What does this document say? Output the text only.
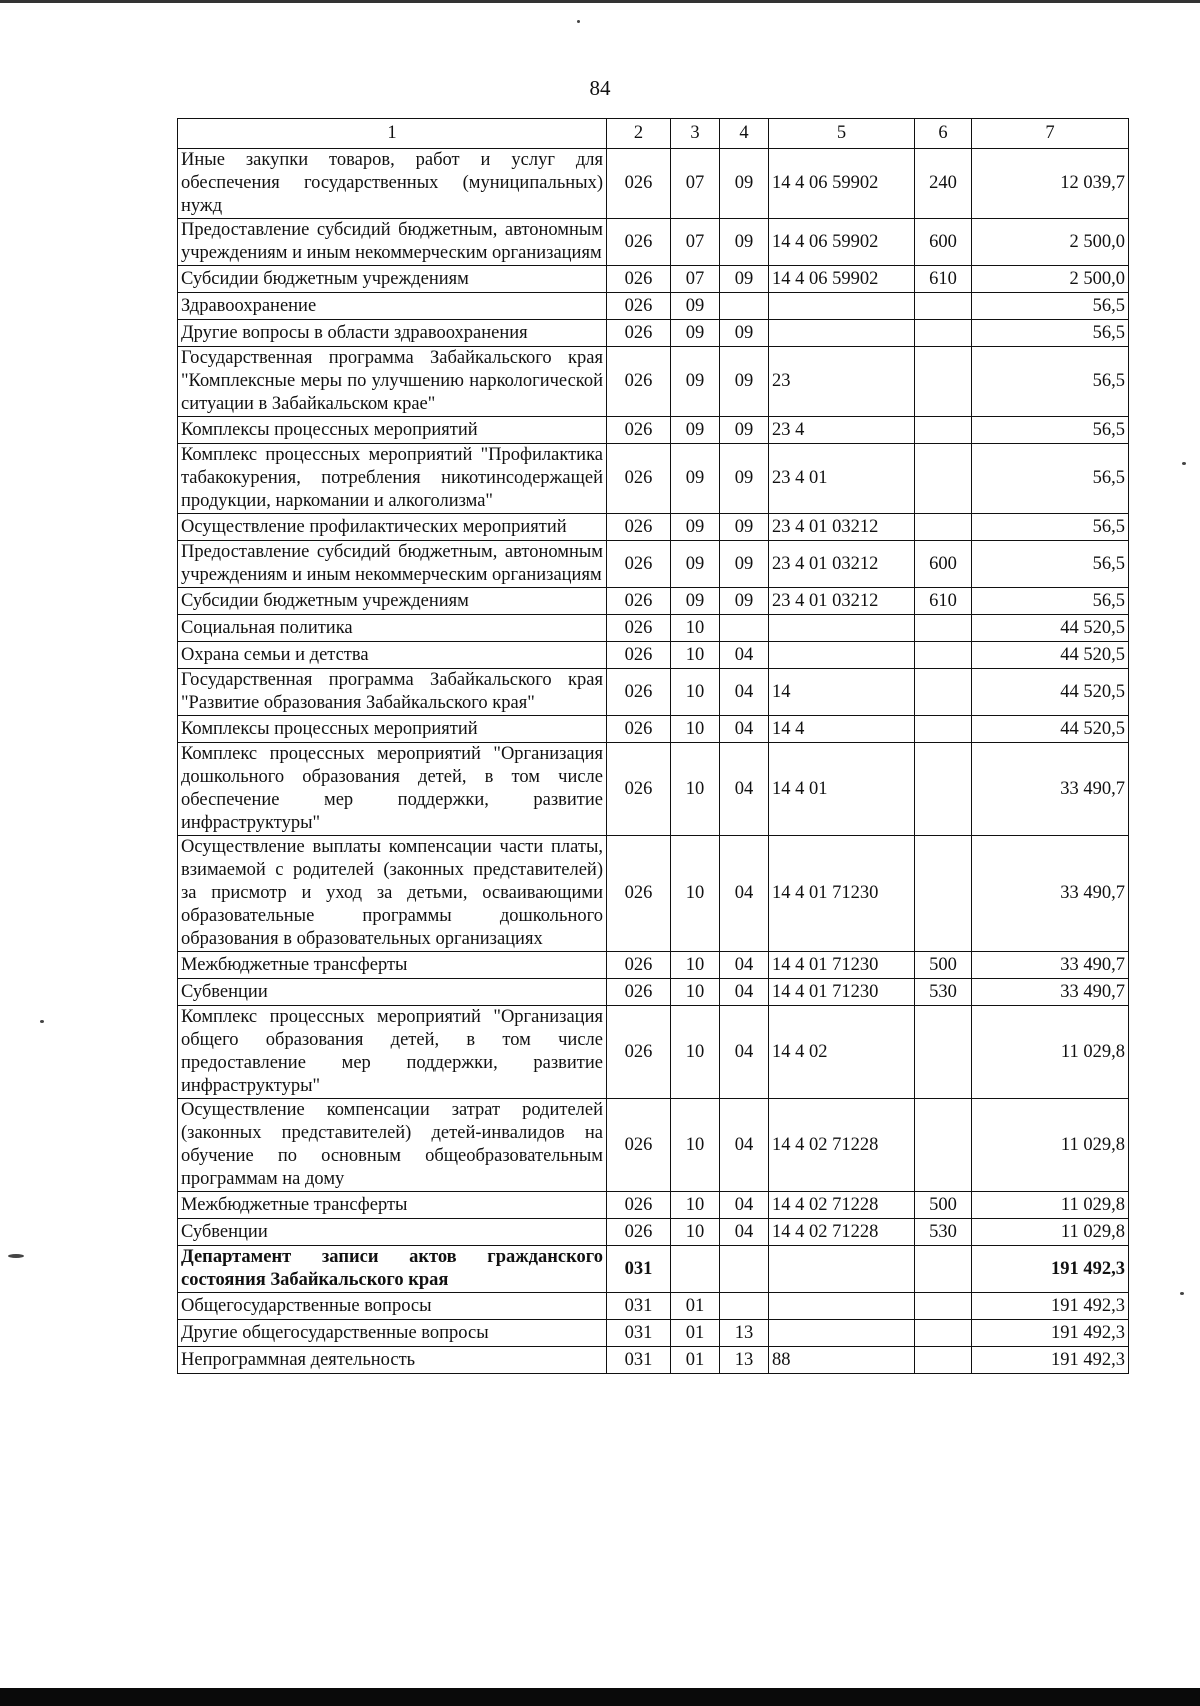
84
1	2	3	4	5	6	7
Иные закупки товаров, работ и услуг для обеспечения государственных (муниципальных) нужд	026	07	09	14 4 06 59902	240	12 039,7
Предоставление субсидий бюджетным, автономным учреждениям и иным некоммерческим организациям	026	07	09	14 4 06 59902	600	2 500,0
Субсидии бюджетным учреждениям	026	07	09	14 4 06 59902	610	2 500,0
Здравоохранение	026	09				56,5
Другие вопросы в области здравоохранения	026	09	09			56,5
Государственная программа Забайкальского края "Комплексные меры по улучшению наркологической ситуации в Забайкальском крае"	026	09	09	23		56,5
Комплексы процессных мероприятий	026	09	09	23 4		56,5
Комплекс процессных мероприятий "Профилактика табакокурения, потребления никотинсодержащей продукции, наркомании и алкоголизма"	026	09	09	23 4 01		56,5
Осуществление профилактических мероприятий	026	09	09	23 4 01 03212		56,5
Предоставление субсидий бюджетным, автономным учреждениям и иным некоммерческим организациям	026	09	09	23 4 01 03212	600	56,5
Субсидии бюджетным учреждениям	026	09	09	23 4 01 03212	610	56,5
Социальная политика	026	10				44 520,5
Охрана семьи и детства	026	10	04			44 520,5
Государственная программа Забайкальского края "Развитие образования Забайкальского края"	026	10	04	14		44 520,5
Комплексы процессных мероприятий	026	10	04	14 4		44 520,5
Комплекс процессных мероприятий "Организация дошкольного образования детей, в том числе обеспечение мер поддержки, развитие инфраструктуры"	026	10	04	14 4 01		33 490,7
Осуществление выплаты компенсации части платы, взимаемой с родителей (законных представителей) за присмотр и уход за детьми, осваивающими образовательные программы дошкольного образования в образовательных организациях	026	10	04	14 4 01 71230		33 490,7
Межбюджетные трансферты	026	10	04	14 4 01 71230	500	33 490,7
Субвенции	026	10	04	14 4 01 71230	530	33 490,7
Комплекс процессных мероприятий "Организация общего образования детей, в том числе предоставление мер поддержки, развитие инфраструктуры"	026	10	04	14 4 02		11 029,8
Осуществление компенсации затрат родителей (законных представителей) детей-инвалидов на обучение по основным общеобразовательным программам на дому	026	10	04	14 4 02 71228		11 029,8
Межбюджетные трансферты	026	10	04	14 4 02 71228	500	11 029,8
Субвенции	026	10	04	14 4 02 71228	530	11 029,8
Департамент записи актов гражданского состояния Забайкальского края	031					191 492,3
Общегосударственные вопросы	031	01				191 492,3
Другие общегосударственные вопросы	031	01	13			191 492,3
Непрограммная деятельность	031	01	13	88		191 492,3
